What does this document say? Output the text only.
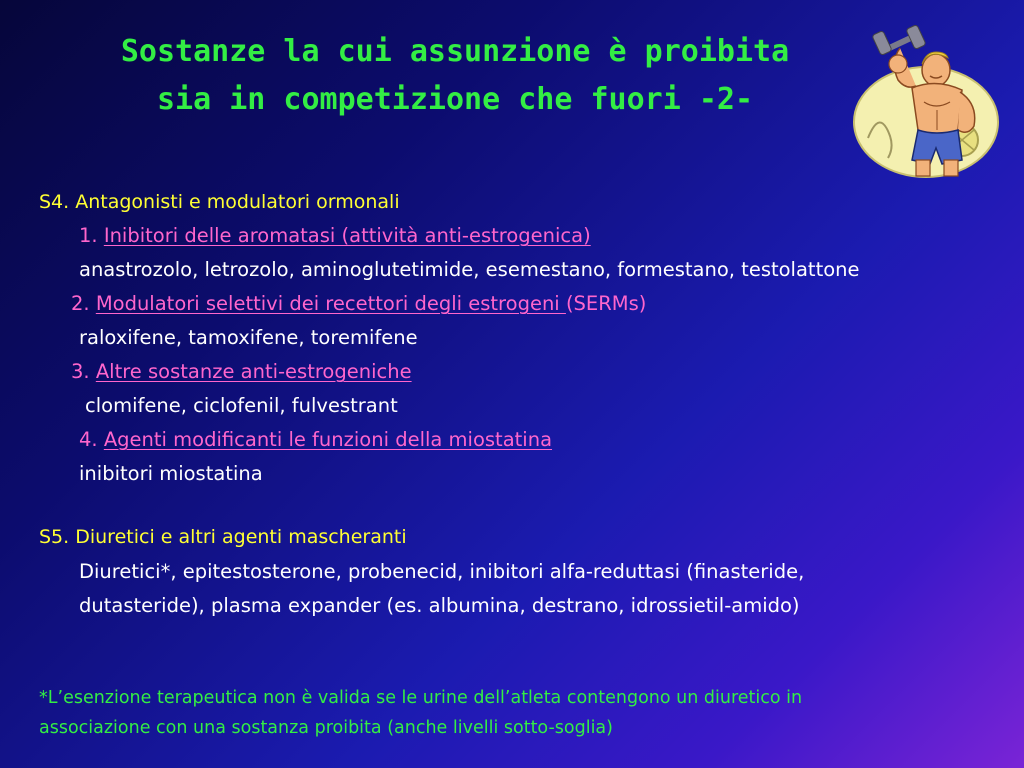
Sostanze la cui assunzione è proibita
sia in competizione che fuori -2-
S4. Antagonisti e modulatori ormonali
1. Inibitori delle aromatasi (attività anti-estrogenica)
anastrozolo, letrozolo, aminoglutetimide, esemestano, formestano, testolattone
2. Modulatori selettivi dei recettori degli estrogeni (SERMs)
raloxifene, tamoxifene, toremifene
3. Altre sostanze anti-estrogeniche
clomifene, ciclofenil, fulvestrant
4. Agenti modificanti le funzioni della miostatina
inibitori miostatina
S5. Diuretici e altri agenti mascheranti
Diuretici*, epitestosterone, probenecid, inibitori alfa-reduttasi (finasteride,
dutasteride), plasma expander (es. albumina, destrano, idrossietil-amido)
*L’esenzione terapeutica non è valida se le urine dell’atleta contengono un diuretico in
associazione con una sostanza proibita (anche livelli sotto-soglia)
